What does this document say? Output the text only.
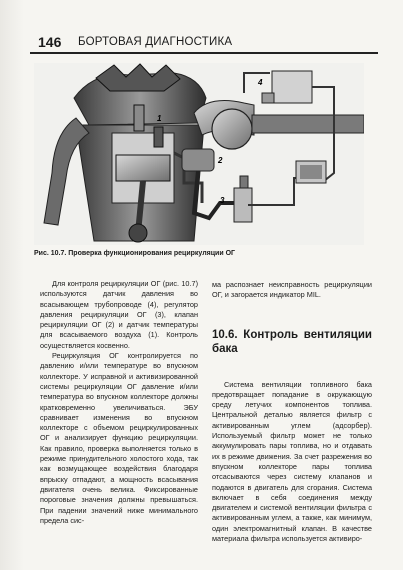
146 БОРТОВАЯ ДИАГНОСТИКА
1
2
3
4
Рис. 10.7. Проверка функционирования рециркуляции ОГ

Для контроля рециркуляции ОГ (рис. 10.7) используются датчик давления во всасывающем трубопроводе (4), регулятор давления рециркуляции ОГ (3), клапан рециркуляции ОГ (2) и датчик температуры для всасываемого воздуха (1). Контроль осуществляется косвенно.

Рециркуляция ОГ контролируется по давлению и/или температуре во впускном коллекторе. У исправной и активизированной системы рециркуляции ОГ давление и/или температура во впускном коллекторе должны кратковременно увеличиваться. ЭБУ сравнивает изменения во впускном коллекторе с объемом рециркулированных ОГ и анализирует функцию рециркуляции. Как правило, проверка выполняется только в режиме принудительного холостого хода, так как возмущающее воздействия благодаря впрыску отпадают, а мощность всасывания двигателя очень велика. Фиксированные пороговые значения должны превышаться. При падении значений ниже минимального предела сис-

ма распознает неисправность рециркуляции ОГ, и загорается индикатор MIL.

10.6. Контроль вентиляции бака

Система вентиляции топливного бака предотвращает попадание в окружающую среду летучих компонентов топлива. Центральной деталью является фильтр с активированным углем (адсорбер). Используемый фильтр может не только аккумулировать пары топлива, но и отдавать их в режиме движения. За счет разрежения во впускном коллекторе пары топлива отсасываются через систему клапанов и подаются в двигатель для сгорания. Система включает в себя соединения между двигателем и системой вентиляции фильтра с активированным углем, а также, как минимум, один электромагнитный клапан. В качестве материала фильтра используется активиро-
